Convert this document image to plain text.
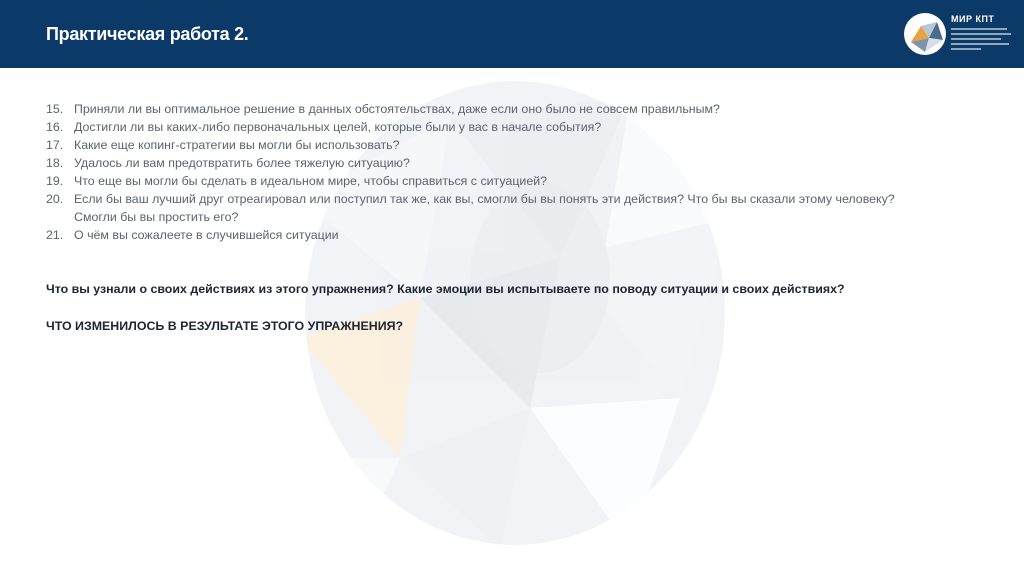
Практическая работа 2.
МИР КПТ
15. Приняли ли вы оптимальное решение в данных обстоятельствах, даже если оно было не совсем правильным?
16. Достигли ли вы каких-либо первоначальных целей, которые были у вас в начале события?
17. Какие еще копинг-стратегии вы могли бы использовать?
18. Удалось ли вам предотвратить более тяжелую ситуацию?
19. Что еще вы могли бы сделать в идеальном мире, чтобы справиться с ситуацией?
20. Если бы ваш лучший друг отреагировал или поступил так же, как вы, смогли бы вы понять эти действия? Что бы вы сказали этому человеку? Смогли бы вы простить его?
21. О чём вы сожалеете в случившейся ситуации

Что вы узнали о своих действиях из этого упражнения? Какие эмоции вы испытываете по поводу ситуации и своих действиях?

ЧТО ИЗМЕНИЛОСЬ В РЕЗУЛЬТАТЕ ЭТОГО УПРАЖНЕНИЯ?
